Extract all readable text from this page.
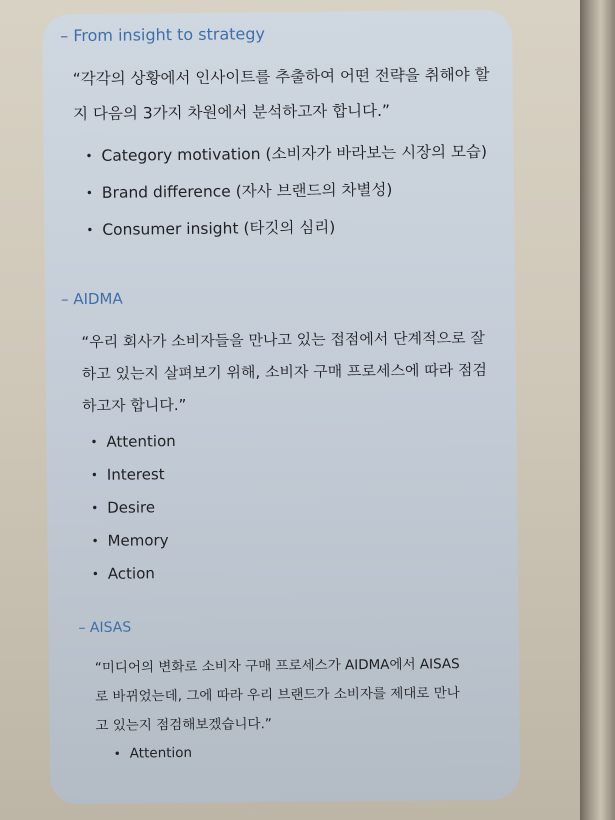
– From insight to strategy
“각각의 상황에서 인사이트를 추출하여 어떤 전략을 취해야 할
지 다음의 3가지 차원에서 분석하고자 합니다.”
• Category motivation (소비자가 바라보는 시장의 모습)
• Brand difference (자사 브랜드의 차별성)
• Consumer insight (타깃의 심리)
– AIDMA
“우리 회사가 소비자들을 만나고 있는 접점에서 단계적으로 잘
하고 있는지 살펴보기 위해, 소비자 구매 프로세스에 따라 점검
하고자 합니다.”
• Attention
• Interest
• Desire
• Memory
• Action
– AISAS
“미디어의 변화로 소비자 구매 프로세스가 AIDMA에서 AISAS
로 바뀌었는데, 그에 따라 우리 브랜드가 소비자를 제대로 만나
고 있는지 점검해보겠습니다.”
• Attention
